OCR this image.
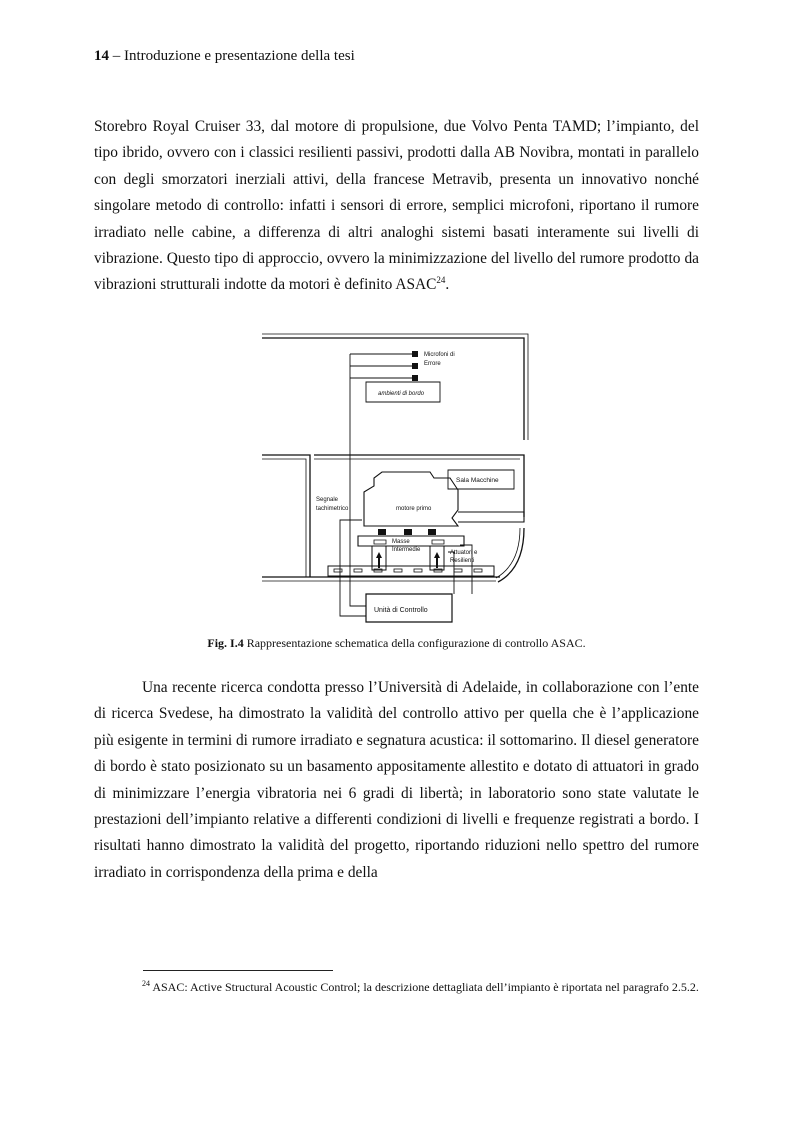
14 – Introduzione e presentazione della tesi

Storebro Royal Cruiser 33, dal motore di propulsione, due Volvo Penta TAMD; l’impianto, del tipo ibrido, ovvero con i classici resilienti passivi, prodotti dalla AB Novibra, montati in parallelo con degli smorzatori inerziali attivi, della francese Metravib, presenta un innovativo nonché singolare metodo di controllo: infatti i sensori di errore, semplici microfoni, riportano il rumore irradiato nelle cabine, a differenza di altri analoghi sistemi basati interamente sui livelli di vibrazione. Questo tipo di approccio, ovvero la minimizzazione del livello del rumore prodotto da vibrazioni strutturali indotte da motori è definito ASAC$^{24}$.

Microfoni di
Errore
ambienti di bordo
Sala Macchine
Segnale
tachimetrico	motore primo
Masse
Intermedie	Attuatori e
Resilienti
Unità di Controllo
Fig. I.4 Rappresentazione schematica della configurazione di controllo ASAC.

Una recente ricerca condotta presso l’Università di Adelaide, in collaborazione con l’ente di ricerca Svedese, ha dimostrato la validità del controllo attivo per quella che è l’applicazione più esigente in termini di rumore irradiato e segnatura acustica: il sottomarino. Il diesel generatore di bordo è stato posizionato su un basamento appositamente allestito e dotato di attuatori in grado di minimizzare l’energia vibratoria nei 6 gradi di libertà; in laboratorio sono state valutate le prestazioni dell’impianto relative a differenti condizioni di livelli e frequenze registrati a bordo. I risultati hanno dimostrato la validità del progetto, riportando riduzioni nello spettro del rumore irradiato in corrispondenza della prima e della

$^{24}$ ASAC: Active Structural Acoustic Control; la descrizione dettagliata dell’impianto è riportata nel paragrafo 2.5.2.
